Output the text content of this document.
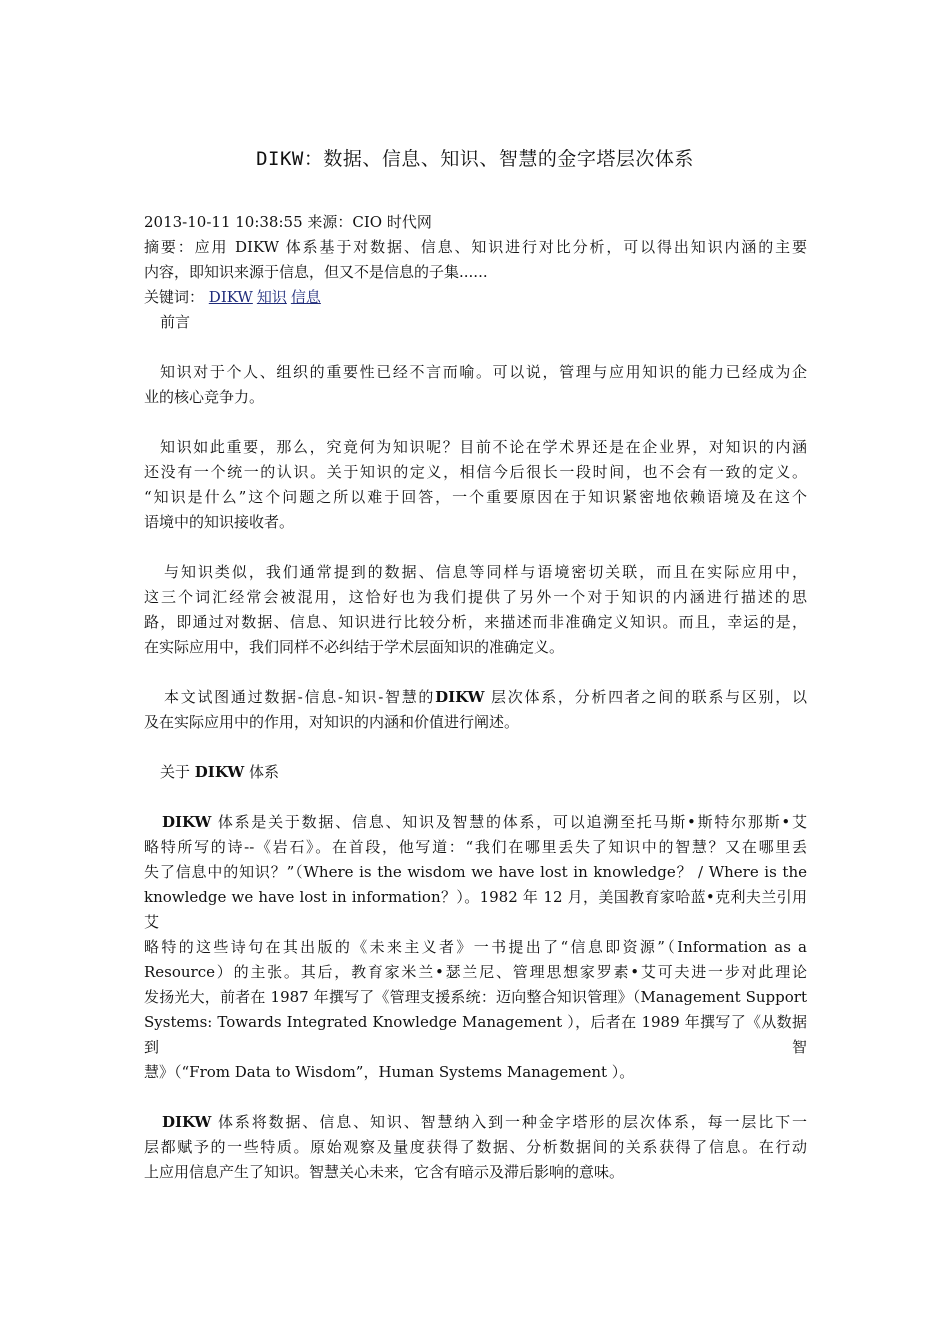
DIKW：数据、信息、知识、智慧的金字塔层次体系
2013-10-11 10:38:55 来源：CIO 时代网
摘要：应用 DIKW 体系基于对数据、信息、知识进行对比分析，可以得出知识内涵的主要
内容，即知识来源于信息，但又不是信息的子集......
关键词： DIKW 知识 信息
前言
知识对于个人、组织的重要性已经不言而喻。可以说，管理与应用知识的能力已经成为企
业的核心竞争力。
知识如此重要，那么，究竟何为知识呢？目前不论在学术界还是在企业界，对知识的内涵
还没有一个统一的认识。关于知识的定义，相信今后很长一段时间，也不会有一致的定义。
“知识是什么”这个问题之所以难于回答，一个重要原因在于知识紧密地依赖语境及在这个
语境中的知识接收者。
与知识类似，我们通常提到的数据、信息等同样与语境密切关联，而且在实际应用中，
这三个词汇经常会被混用，这恰好也为我们提供了另外一个对于知识的内涵进行描述的思
路，即通过对数据、信息、知识进行比较分析，来描述而非准确定义知识。而且，幸运的是，
在实际应用中，我们同样不必纠结于学术层面知识的准确定义。
本文试图通过数据-信息-知识-智慧的DIKW 层次体系，分析四者之间的联系与区别，以
及在实际应用中的作用，对知识的内涵和价值进行阐述。
关于 DIKW 体系
DIKW 体系是关于数据、信息、知识及智慧的体系，可以追溯至托马斯•斯特尔那斯•艾
略特所写的诗--《岩石》。在首段，他写道：“我们在哪里丢失了知识中的智慧？又在哪里丢
失了信息中的知识？”（Where is the wisdom we have lost in knowledge？ / Where is the
knowledge we have lost in information？）。1982 年 12 月，美国教育家哈蓝•克利夫兰引用艾
略特的这些诗句在其出版的《未来主义者》一书提出了“信息即资源”（Information as a
Resource）的主张。其后，教育家米兰•瑟兰尼、管理思想家罗素•艾可夫进一步对此理论
发扬光大，前者在 1987 年撰写了《管理支援系统：迈向整合知识管理》（Management Support
Systems: Towards Integrated Knowledge Management ），后者在 1989 年撰写了《从数据到智
慧》（“From Data to Wisdom”，Human Systems Management ）。
DIKW 体系将数据、信息、知识、智慧纳入到一种金字塔形的层次体系，每一层比下一
层都赋予的一些特质。原始观察及量度获得了数据、分析数据间的关系获得了信息。在行动
上应用信息产生了知识。智慧关心未来，它含有暗示及滞后影响的意味。
